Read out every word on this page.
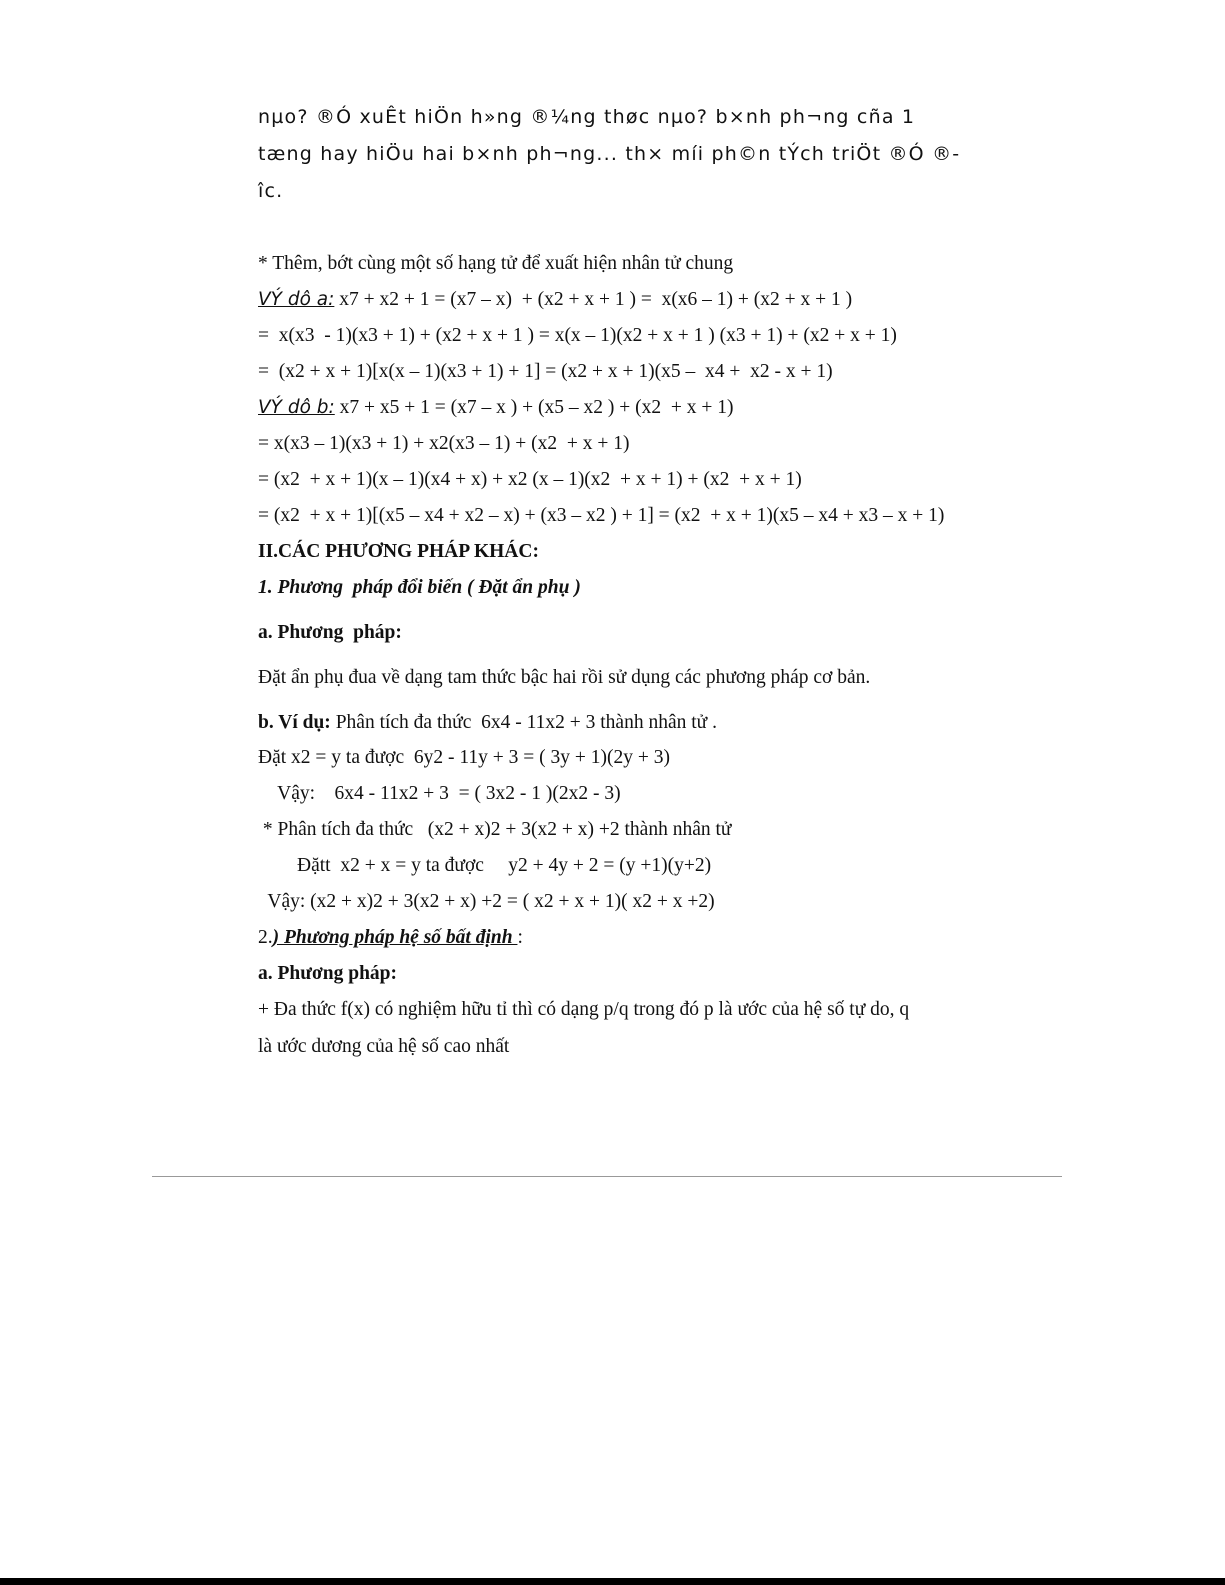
nµo? ®Ó xuÊt hiÖn h»ng ®¼ng thøc nµo? b×nh ph¬ng cña 1
tæng hay hiÖu hai b×nh ph¬ng... th× míi ph©n tÝch triÖt ®Ó ®-
îc.
* Thêm, bớt cùng một số hạng tử để xuất hiện nhân tử chung
VÝ dô a: x7 + x2 + 1 = (x7 – x)  + (x2 + x + 1 ) =  x(x6 – 1) + (x2 + x + 1 )
=  x(x3  - 1)(x3 + 1) + (x2 + x + 1 ) = x(x – 1)(x2 + x + 1 ) (x3 + 1) + (x2 + x + 1)
=  (x2 + x + 1)[x(x – 1)(x3 + 1) + 1] = (x2 + x + 1)(x5 –  x4 +  x2 - x + 1)
VÝ dô b: x7 + x5 + 1 = (x7 – x ) + (x5 – x2 ) + (x2  + x + 1)
= x(x3 – 1)(x3 + 1) + x2(x3 – 1) + (x2  + x + 1)
= (x2  + x + 1)(x – 1)(x4 + x) + x2 (x – 1)(x2  + x + 1) + (x2  + x + 1)
= (x2  + x + 1)[(x5 – x4 + x2 – x) + (x3 – x2 ) + 1] = (x2  + x + 1)(x5 – x4 + x3 – x + 1)
II.CÁC PHƯƠNG PHÁP KHÁC:
1. Phương  pháp đổi biến ( Đặt ẩn phụ )
a. Phương  pháp:
Đặt ẩn phụ đua về dạng tam thức bậc hai rồi sử dụng các phương pháp cơ bản.
b. Ví dụ: Phân tích đa thức  6x4 - 11x2 + 3 thành nhân tử .
Đặt x2 = y ta được  6y2 - 11y + 3 = ( 3y + 1)(2y + 3)
Vậy:    6x4 - 11x2 + 3  = ( 3x2 - 1 )(2x2 - 3)
* Phân tích đa thức   (x2 + x)2 + 3(x2 + x) +2 thành nhân tử
Đặtt  x2 + x = y ta được     y2 + 4y + 2 = (y +1)(y+2)
Vậy: (x2 + x)2 + 3(x2 + x) +2 = ( x2 + x + 1)( x2 + x +2)
2.) Phương pháp hệ số bất định :
a. Phương pháp:
+ Đa thức f(x) có nghiệm hữu tỉ thì có dạng p/q trong đó p là ước của hệ số tự do, q
là ước dương của hệ số cao nhất
